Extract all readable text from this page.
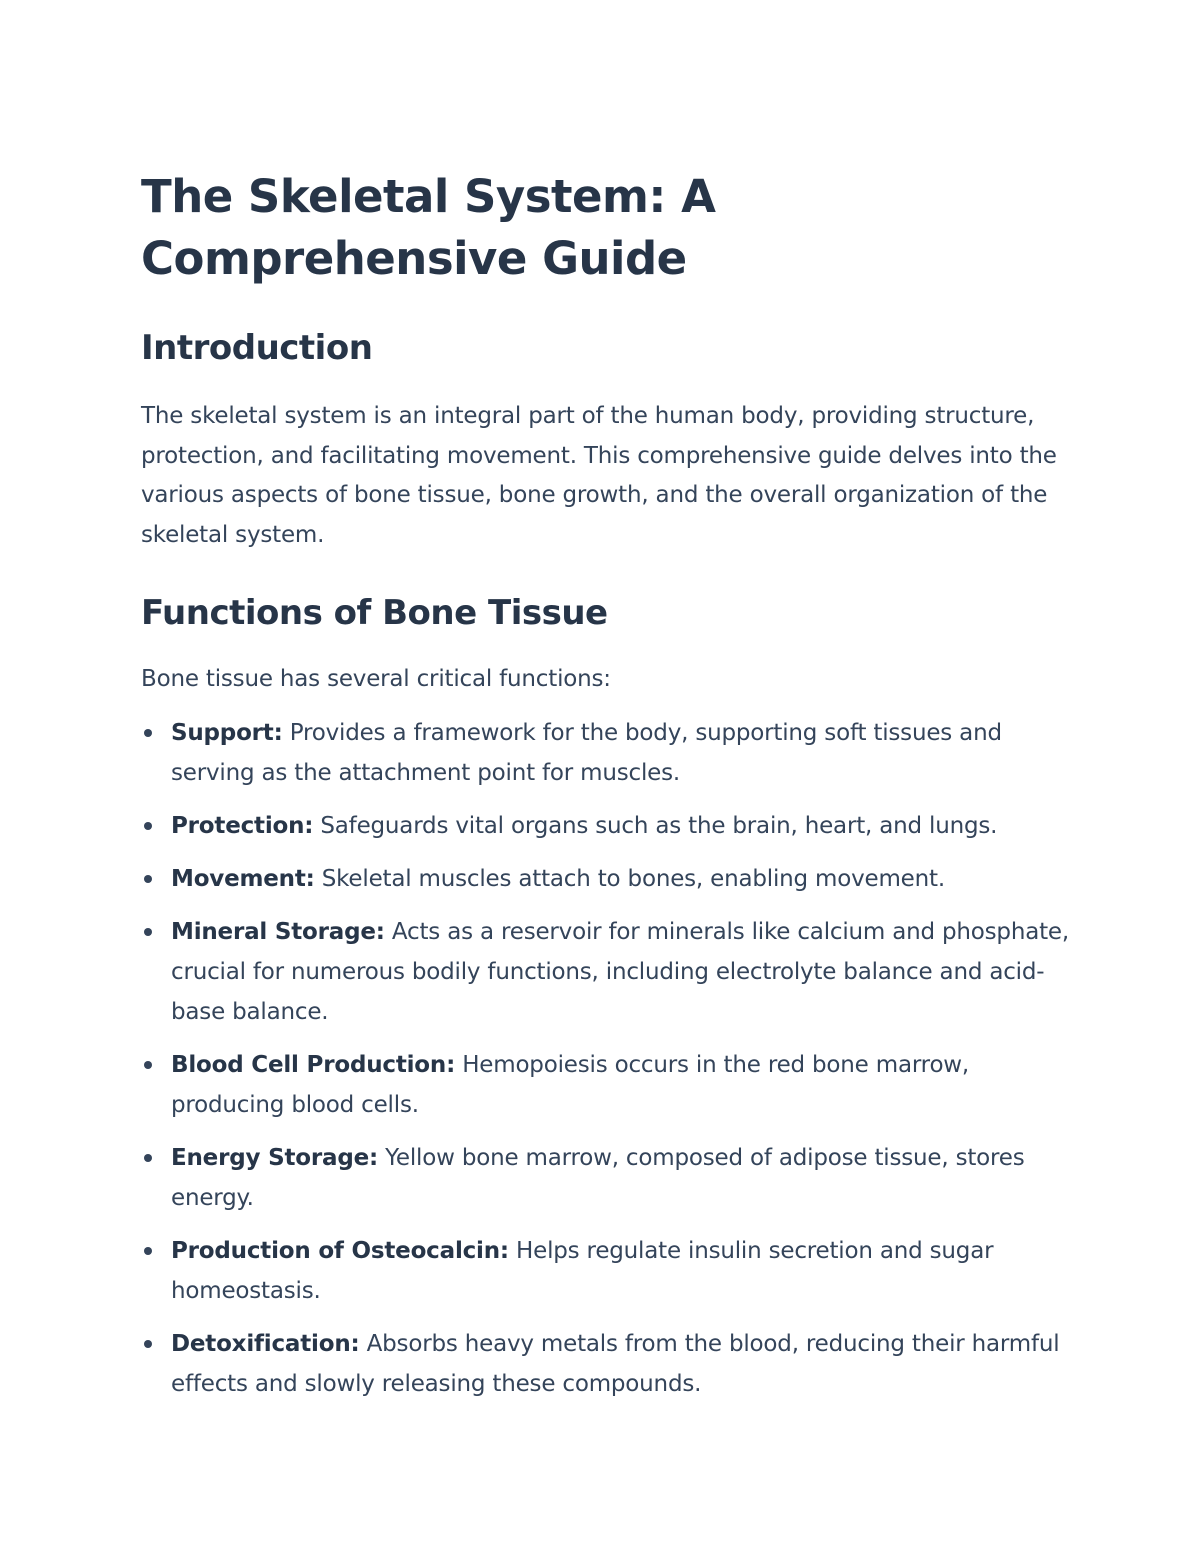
The Skeletal System: A Comprehensive Guide
Introduction

The skeletal system is an integral part of the human body, providing structure, protection, and facilitating movement. This comprehensive guide delves into the various aspects of bone tissue, bone growth, and the overall organization of the skeletal system.

Functions of Bone Tissue

Bone tissue has several critical functions:

Support: Provides a framework for the body, supporting soft tissues and serving as the attachment point for muscles.
Protection: Safeguards vital organs such as the brain, heart, and lungs.
Movement: Skeletal muscles attach to bones, enabling movement.
Mineral Storage: Acts as a reservoir for minerals like calcium and phosphate, crucial for numerous bodily functions, including electrolyte balance and acid-base balance.
Blood Cell Production: Hemopoiesis occurs in the red bone marrow, producing blood cells.
Energy Storage: Yellow bone marrow, composed of adipose tissue, stores energy.
Production of Osteocalcin: Helps regulate insulin secretion and sugar homeostasis.
Detoxification: Absorbs heavy metals from the blood, reducing their harmful effects and slowly releasing these compounds.
